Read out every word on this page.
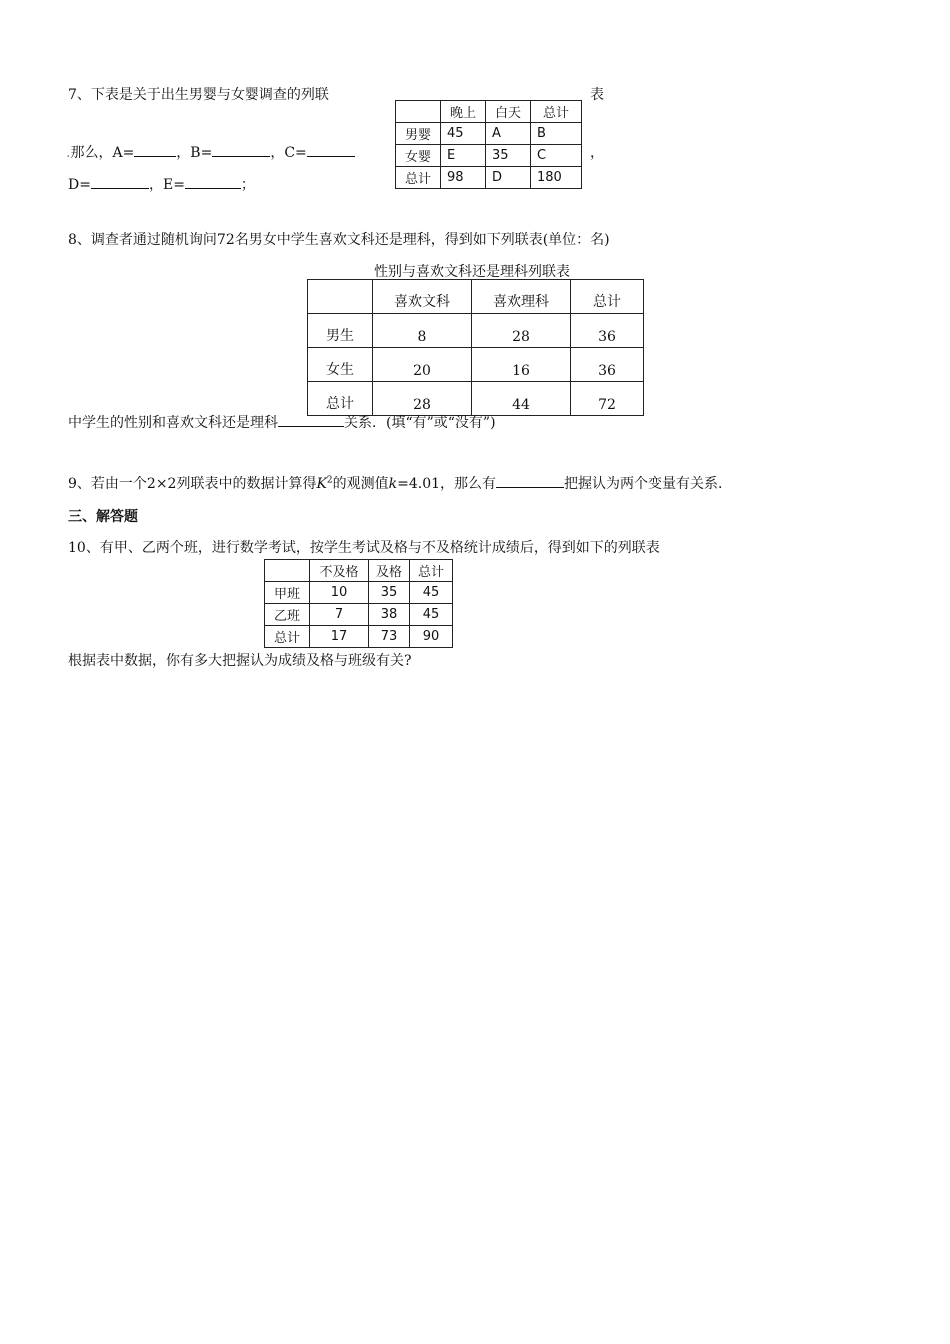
7、下表是关于出生男婴与女婴调查的列联	表
.那么，A=	，B=	，C=	，
D=	，E=	；
	晚上	白天	总计
男婴	45	A	B
女婴	E	35	C
总计	98	D	180
8、调查者通过随机询问72名男女中学生喜欢文科还是理科，得到如下列联表(单位：名)
性别与喜欢文科还是理科列联表
	喜欢文科	喜欢理科	总计
男生	8	28	36
女生	20	16	36
总计	28	44	72
中学生的性别和喜欢文科还是理科	关系．(填“有”或“没有”)
9、若由一个2×2列联表中的数据计算得$K^2$的观测值k=4.01，那么有	把握认为两个变量有关系.
三、解答题
10、有甲、乙两个班，进行数学考试，按学生考试及格与不及格统计成绩后，得到如下的列联表
	不及格	及格	总计
甲班	10	35	45
乙班	7	38	45
总计	17	73	90
根据表中数据，你有多大把握认为成绩及格与班级有关?
